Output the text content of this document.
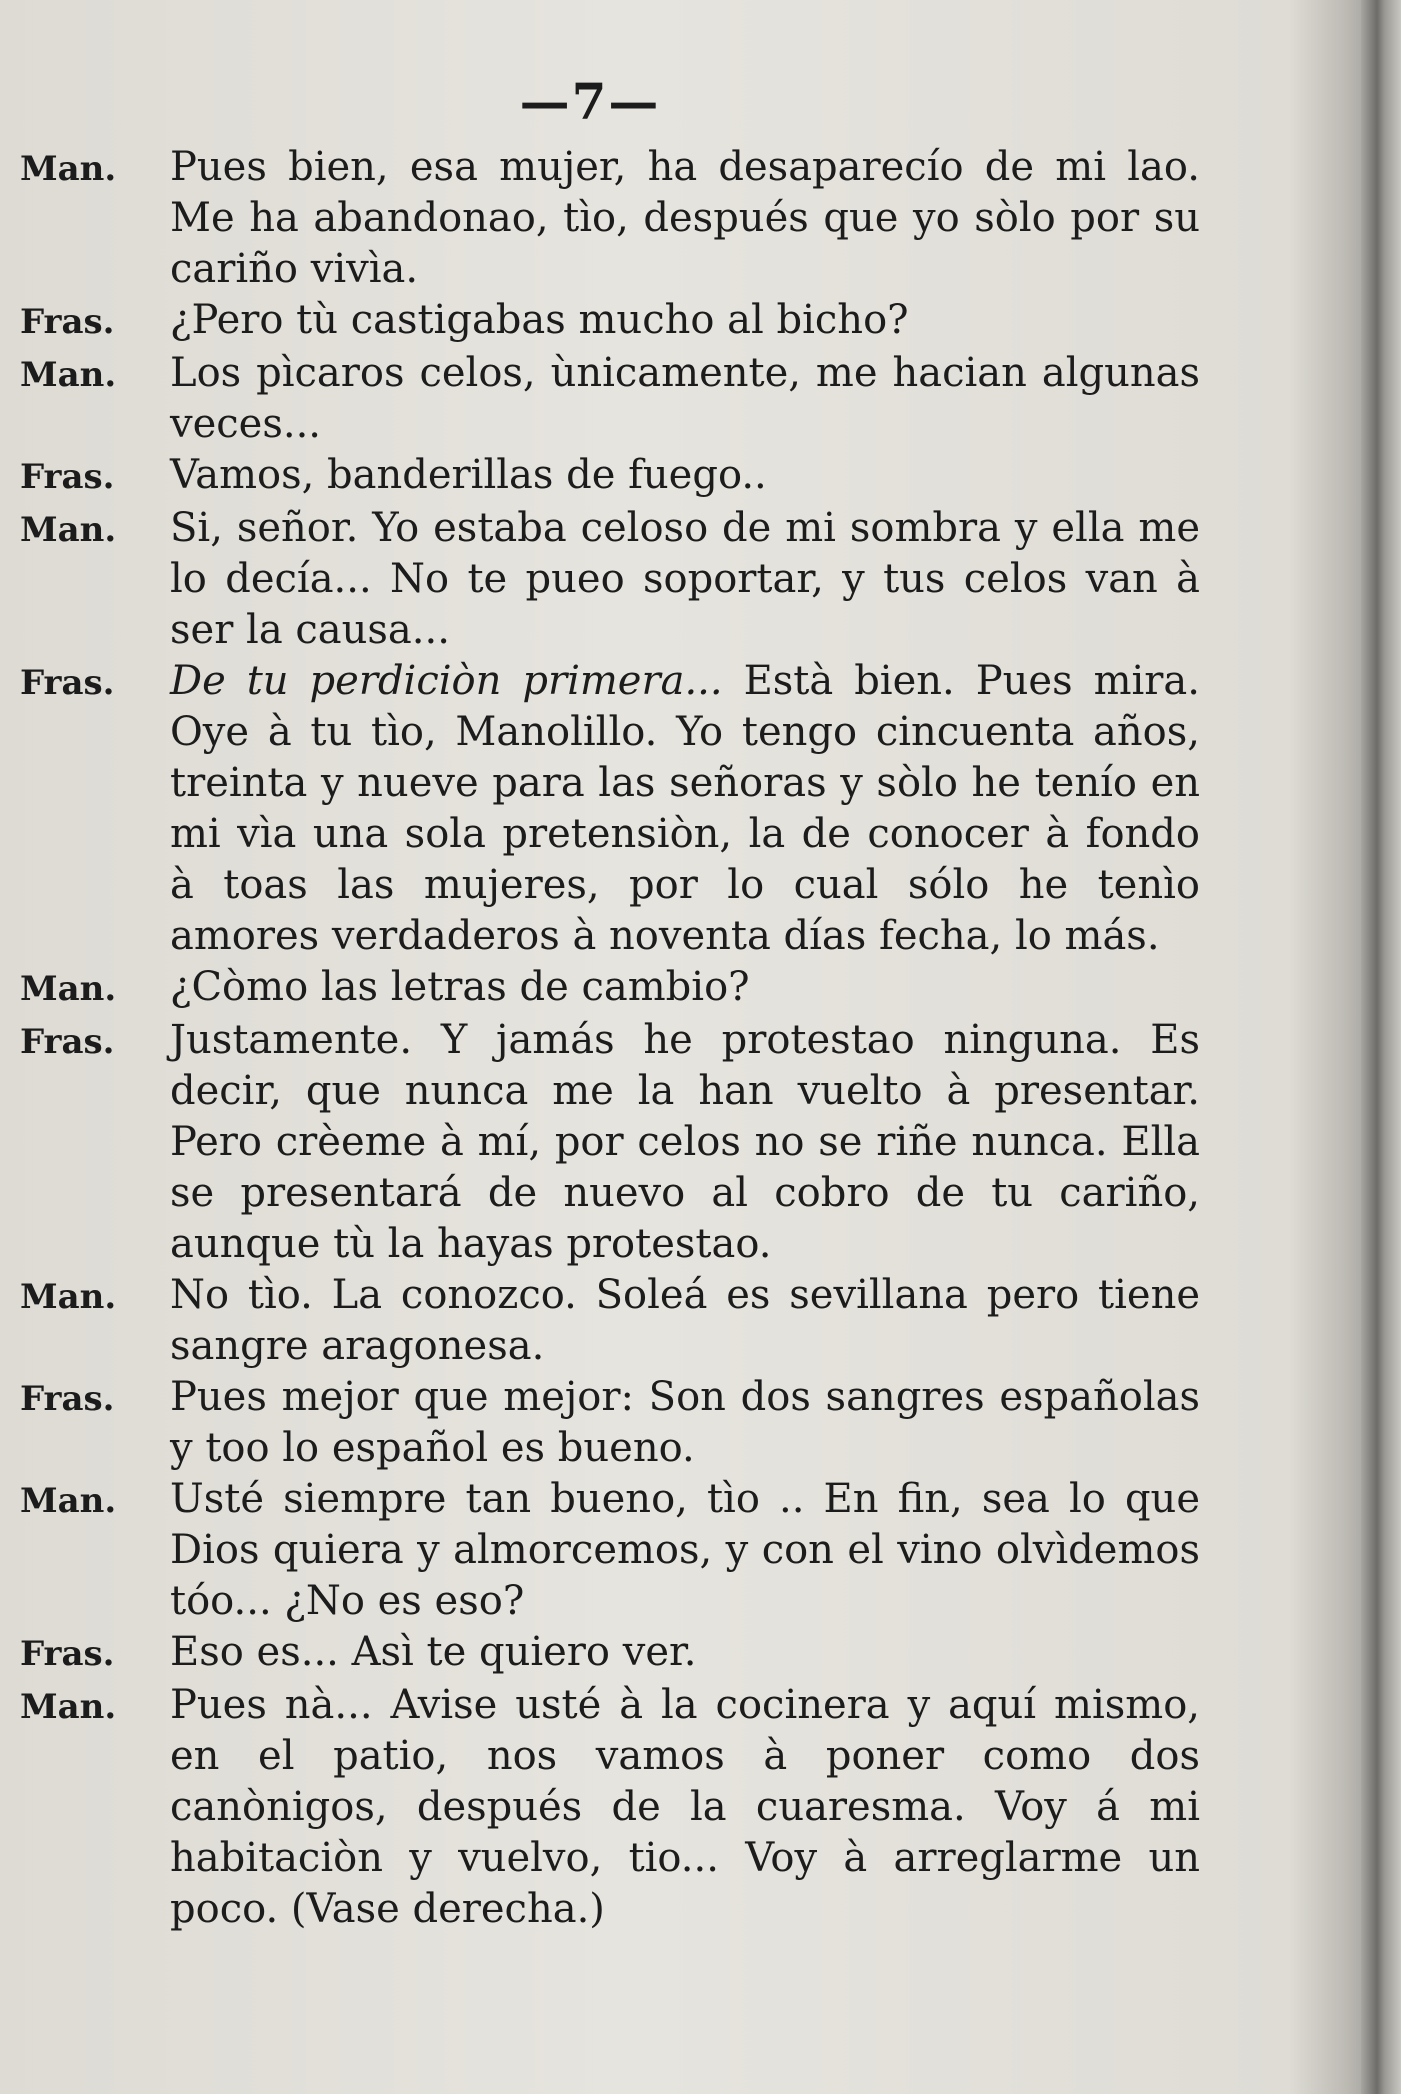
—7—
Man.	Pues bien, esa mujer, ha desaparecío de mi lao. Me ha abandonao, tìo, después que yo sòlo por su cariño vivìa.

Fras.	¿Pero tù castigabas mucho al bicho?

Man.	Los pìcaros celos, ùnicamente, me hacian algunas veces...

Fras.	Vamos, banderillas de fuego..

Man.	Si, señor. Yo estaba celoso de mi sombra y ella me lo decía... No te pueo soportar, y tus celos van à ser la causa...

Fras.	De tu perdiciòn primera... Està bien. Pues mira. Oye à tu tìo, Manolillo. Yo tengo cincuenta años, treinta y nueve para las señoras y sòlo he tenío en mi vìa una sola pretensiòn, la de conocer à fondo à toas las mujeres, por lo cual sólo he tenìo amores verdaderos à noventa días fecha, lo más.

Man.	¿Còmo las letras de cambio?

Fras.	Justamente. Y jamás he protestao ninguna. Es decir, que nunca me la han vuelto à presentar. Pero crèeme à mí, por celos no se riñe nunca. Ella se presentará de nuevo al cobro de tu cariño, aunque tù la hayas protestao.

Man.	No tìo. La conozco. Soleá es sevillana pero tiene sangre aragonesa.

Fras.	Pues mejor que mejor: Son dos sangres españolas y too lo español es bueno.

Man.	Usté siempre tan bueno, tìo .. En fin, sea lo que Dios quiera y almorcemos, y con el vino olvìdemos tóo... ¿No es eso?

Fras.	Eso es... Asì te quiero ver.

Man.	Pues nà... Avise usté à la cocinera y aquí mismo, en el patio, nos vamos à poner como dos canònigos, después de la cuaresma. Voy á mi habitaciòn y vuelvo, tio... Voy à arreglarme un poco. (Vase derecha.)
